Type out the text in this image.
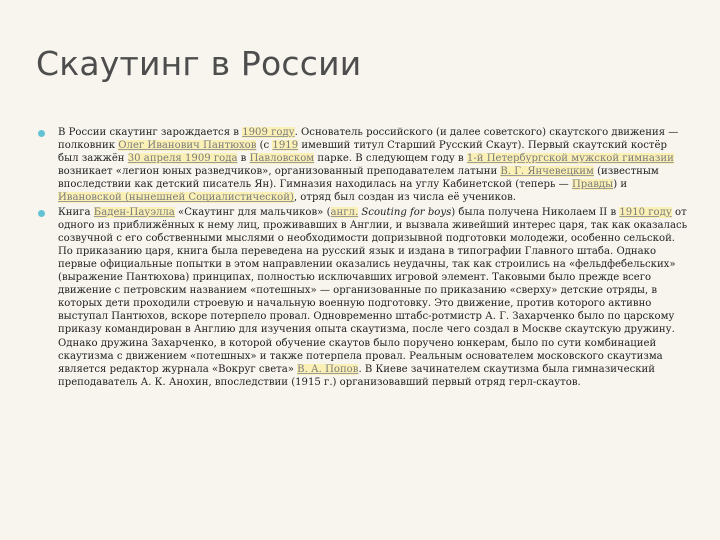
Скаутинг в России
В России скаутинг зарождается в 1909 году. Основатель российского (и далее советского) скаутского движения — полковник Олег Иванович Пантюхов (с 1919 имевший титул Старший Русский Скаут). Первый скаутский костёр был зажжён 30 апреля 1909 года в Павловском парке. В следующем году в 1-й Петербургской мужской гимназии возникает «легион юных разведчиков», организованный преподавателем латыни В. Г. Янчевецким (известным впоследствии как детский писатель Ян). Гимназия находилась на углу Кабинетской (теперь — Правды) и Ивановской (нынешней Социалистической), отряд был создан из числа её учеников.
Книга Баден-Пауэлла «Скаутинг для мальчиков» (англ. Scouting for boys) была получена Николаем II в 1910 году от одного из приближённых к нему лиц, проживавших в Англии, и вызвала живейший интерес царя, так как оказалась созвучной с его собственными мыслями о необходимости допризывной подготовки молодежи, особенно сельской. По приказанию царя, книга была переведена на русский язык и издана в типографии Главного штаба. Однако первые официальные попытки в этом направлении оказались неудачны, так как строились на «фельдфебельских» (выражение Пантюхова) принципах, полностью исключавших игровой элемент. Таковыми было прежде всего движение с петровским названием «потешных» — организованные по приказанию «сверху» детские отряды, в которых дети проходили строевую и начальную военную подготовку. Это движение, против которого активно выступал Пантюхов, вскоре потерпело провал. Одновременно штабс-ротмистр А. Г. Захарченко было по царскому приказу командирован в Англию для изучения опыта скаутизма, после чего создал в Москве скаутскую дружину. Однако дружина Захарченко, в которой обучение скаутов было поручено юнкерам, было по сути комбинацией скаутизма с движением «потешных» и также потерпела провал. Реальным основателем московского скаутизма является редактор журнала «Вокруг света» В. А. Попов. В Киеве зачинателем скаутизма была гимназический преподаватель А. К. Анохин, впоследствии (1915 г.) организовавший первый отряд герл-скаутов.
